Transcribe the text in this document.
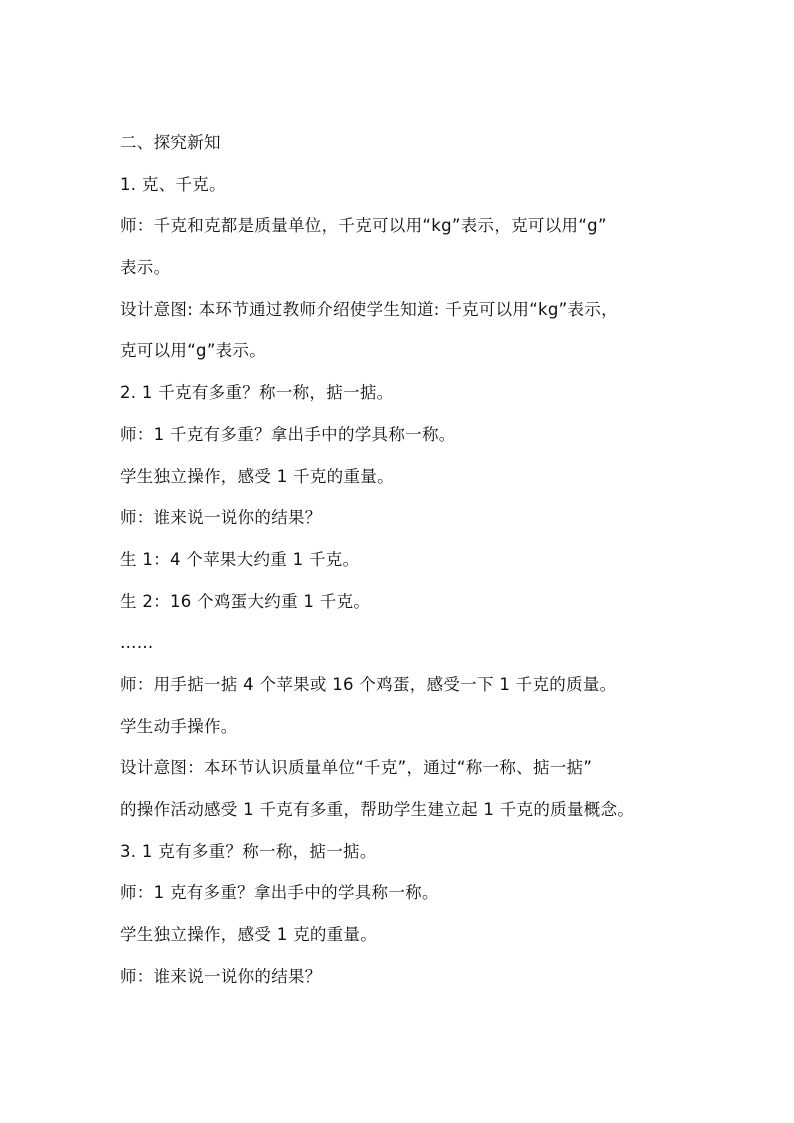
二、探究新知
1. 克、千克。
师：千克和克都是质量单位，千克可以用“kg”表示，克可以用“g”
表示。
设计意图: 本环节通过教师介绍使学生知道: 千克可以用“kg”表示，
克可以用“g”表示。
2. 1 千克有多重？称一称，掂一掂。
师：1 千克有多重？拿出手中的学具称一称。
学生独立操作，感受 1 千克的重量。
师：谁来说一说你的结果？
生 1：4 个苹果大约重 1 千克。
生 2：16 个鸡蛋大约重 1 千克。
……
师：用手掂一掂 4 个苹果或 16 个鸡蛋，感受一下 1 千克的质量。
学生动手操作。
设计意图：本环节认识质量单位“千克”，通过“称一称、掂一掂”
的操作活动感受 1 千克有多重，帮助学生建立起 1 千克的质量概念。
3. 1 克有多重？称一称，掂一掂。
师：1 克有多重？拿出手中的学具称一称。
学生独立操作，感受 1 克的重量。
师：谁来说一说你的结果？
